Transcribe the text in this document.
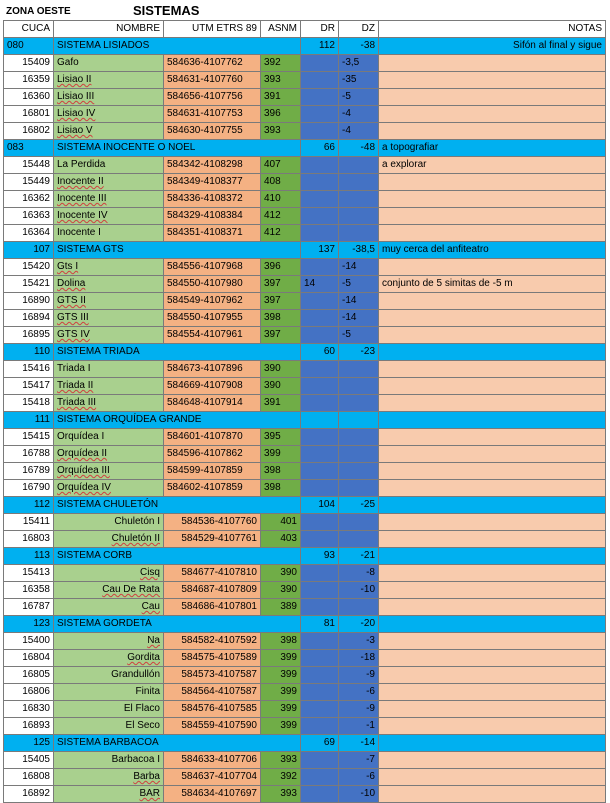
ZONA OESTE	SISTEMAS
CUCA	NOMBRE	UTM ETRS 89	ASNM	DR	DZ	NOTAS
080	SISTEMA LISIADOS			112	-38	Sifón al final y sigue
15409	Gafo	584636-4107762	392		-3,5	
16359	Lisiao II	584631-4107760	393		-35	
16360	Lisiao III	584656-4107756	391		-5	
16801	Lisiao IV	584631-4107753	396		-4	
16802	Lisiao V	584630-4107755	393		-4	
083	SISTEMA INOCENTE O NOEL			66	-48	a topografiar
15448	La Perdida	584342-4108298	407			a explorar
15449	Inocente II	584349-4108377	408			
16362	Inocente III	584336-4108372	410			
16363	Inocente IV	584329-4108384	412			
16364	Inocente I	584351-4108371	412			
107	SISTEMA GTS			137	-38,5	muy cerca del anfiteatro
15420	Gts I	584556-4107968	396		-14	
15421	Dolina	584550-4107980	397	14	-5	conjunto de 5 simitas de -5 m
16890	GTS II	584549-4107962	397		-14	
16894	GTS III	584550-4107955	398		-14	
16895	GTS IV	584554-4107961	397		-5	
110	SISTEMA TRIADA			60	-23	
15416	Triada I	584673-4107896	390			
15417	Triada II	584669-4107908	390			
15418	Triada III	584648-4107914	391			
111	SISTEMA ORQUÍDEA GRANDE					
15415	Orquídea I	584601-4107870	395			
16788	Orquídea II	584596-4107862	399			
16789	Orquídea III	584599-4107859	398			
16790	Orquídea IV	584602-4107859	398			
112	SISTEMA CHULETÓN			104	-25	
15411	Chuletón I	584536-4107760	401			
16803	Chuletón II	584529-4107761	403			
113	SISTEMA CORB			93	-21	
15413	Cisq	584677-4107810	390		-8	
16358	Cau De Rata	584687-4107809	390		-10	
16787	Cau	584686-4107801	389			
123	SISTEMA GORDETA			81	-20	
15400	Na	584582-4107592	398		-3	
16804	Gordita	584575-4107589	399		-18	
16805	Grandullón	584573-4107587	399		-9	
16806	Finita	584564-4107587	399		-6	
16830	El Flaco	584576-4107585	399		-9	
16893	El Seco	584559-4107590	399		-1	
125	SISTEMA BARBACOA			69	-14	
15405	Barbacoa I	584633-4107706	393		-7	
16808	Barba	584637-4107704	392		-6	
16892	BAR	584634-4107697	393		-10	
